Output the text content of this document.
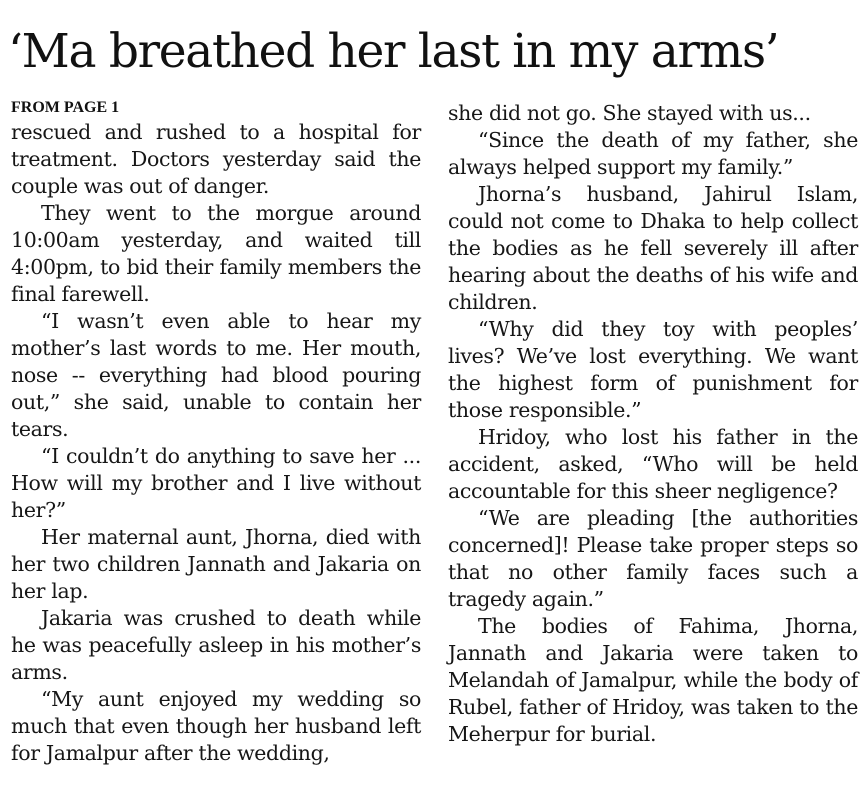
‘Ma breathed her last in my arms’
FROM PAGE 1

rescued and rushed to a hospital for treatment. Doctors yesterday said the couple was out of danger.

They went to the morgue around 10:00am yesterday, and waited till 4:00pm, to bid their family members the final farewell.

“I wasn’t even able to hear my mother’s last words to me. Her mouth, nose -- everything had blood pouring out,” she said, unable to contain her tears.

“I couldn’t do anything to save her ... How will my brother and I live without her?”

Her maternal aunt, Jhorna, died with her two children Jannath and Jakaria on her lap.

Jakaria was crushed to death while he was peacefully asleep in his mother’s arms.

“My aunt enjoyed my wedding so much that even though her husband left for Jamalpur after the wedding,

she did not go. She stayed with us...

“Since the death of my father, she always helped support my family.”

Jhorna’s husband, Jahirul Islam, could not come to Dhaka to help collect the bodies as he fell severely ill after hearing about the deaths of his wife and children.

“Why did they toy with peoples’ lives? We’ve lost everything. We want the highest form of punishment for those responsible.”

Hridoy, who lost his father in the accident, asked, “Who will be held accountable for this sheer negligence?

“We are pleading [the authorities concerned]! Please take proper steps so that no other family faces such a tragedy again.”

The bodies of Fahima, Jhorna, Jannath and Jakaria were taken to Melandah of Jamalpur, while the body of Rubel, father of Hridoy, was taken to the Meherpur for burial.
